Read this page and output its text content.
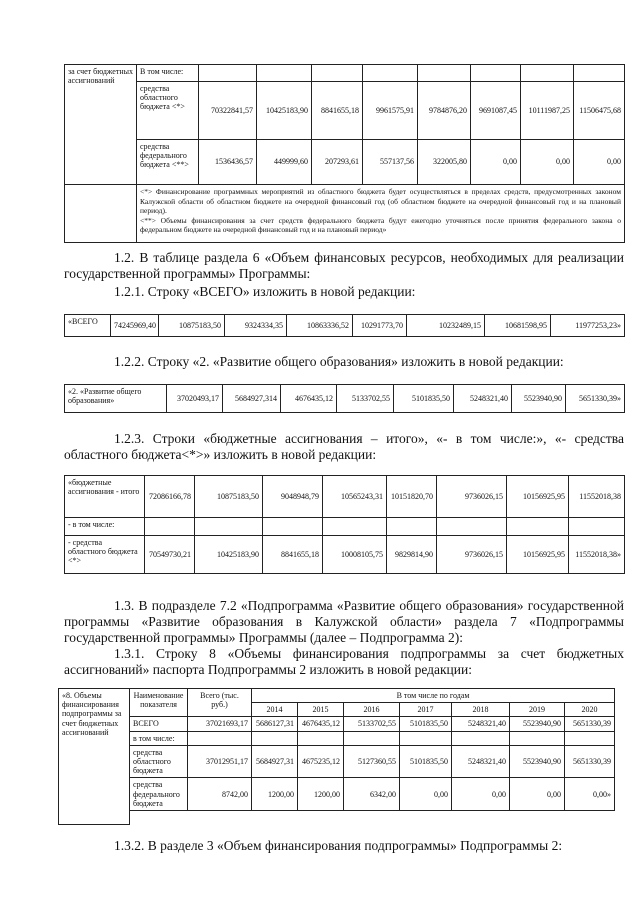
за счет бюджетных ассигнований	В том числе:								
	средства областного бюджета <*>	70322841,57	10425183,90	8841655,18	9961575,91	9784876,20	9691087,45	10111987,25	11506475,68
	средства федерального бюджета <**>	1536436,57	449999,60	207293,61	557137,56	322005,80	0,00	0,00	0,00

	<*> Финансирование программных мероприятий из областного бюджета будет осуществляться в пределах средств, предусмотренных законом Калужской области об областном бюджете на очередной финансовый год (об областном бюджете на очередной финансовый год и на плановый период).
<**> Объемы финансирования за счет средств федерального бюджета будут ежегодно уточняться после принятия федерального закона о федеральном бюджете на очередной финансовый год и на плановый период»								
1.2. В таблице раздела 6 «Объем финансовых ресурсов, необходимых для реализации государственной программы» Программы:
1.2.1. Строку «ВСЕГО» изложить в новой редакции:
«ВСЕГО	74245969,40	10875183,50	9324334,35	10863336,52	10291773,70	10232489,15	10681598,95	11977253,23»
1.2.2. Строку «2. «Развитие общего образования» изложить в новой редакции:
«2. «Развитие общего образования»	37020493,17	5684927,314	4676435,12	5133702,55	5101835,50	5248321,40	5523940,90	5651330,39»
1.2.3. Строки «бюджетные ассигнования – итого», «- в том числе:», «- средства областного бюджета<*>» изложить в новой редакции:
«бюджетные ассигнования - итого	72086166,78	10875183,50	9048948,79	10565243,31	10151820,70	9736026,15	10156925,95	11552018,38
- в том числе:								
- средства областного бюджета <*>	70549730,21	10425183,90	8841655,18	10008105,75	9829814,90	9736026,15	10156925,95	11552018,38»
1.3. В подразделе 7.2 «Подпрограмма «Развитие общего образования» государственной программы «Развитие образования в Калужской области» раздела 7 «Подпрограммы государственной программы» Программы (далее – Подпрограмма 2):
1.3.1. Строку 8 «Объемы финансирования подпрограммы за счет бюджетных ассигнований» паспорта Подпрограммы 2 изложить в новой редакции:
«8. Объемы финансирования подпрограммы за счет бюджетных ассигнований	Наименование показателя	Всего (тыс. руб.)	В том числе по годам						
			2014	2015	2016	2017	2018	2019	2020
	ВСЕГО	37021693,17	5686127,31	4676435,12	5133702,55	5101835,50	5248321,40	5523940,90	5651330,39
	в том числе:								
	средства областного бюджета	37012951,17	5684927,31	4675235,12	5127360,55	5101835,50	5248321,40	5523940,90	5651330,39
	средства федерального бюджета	8742,00	1200,00	1200,00	6342,00	0,00	0,00	0,00	0,00»

1.3.2. В разделе 3 «Объем финансирования подпрограммы» Подпрограммы 2:
